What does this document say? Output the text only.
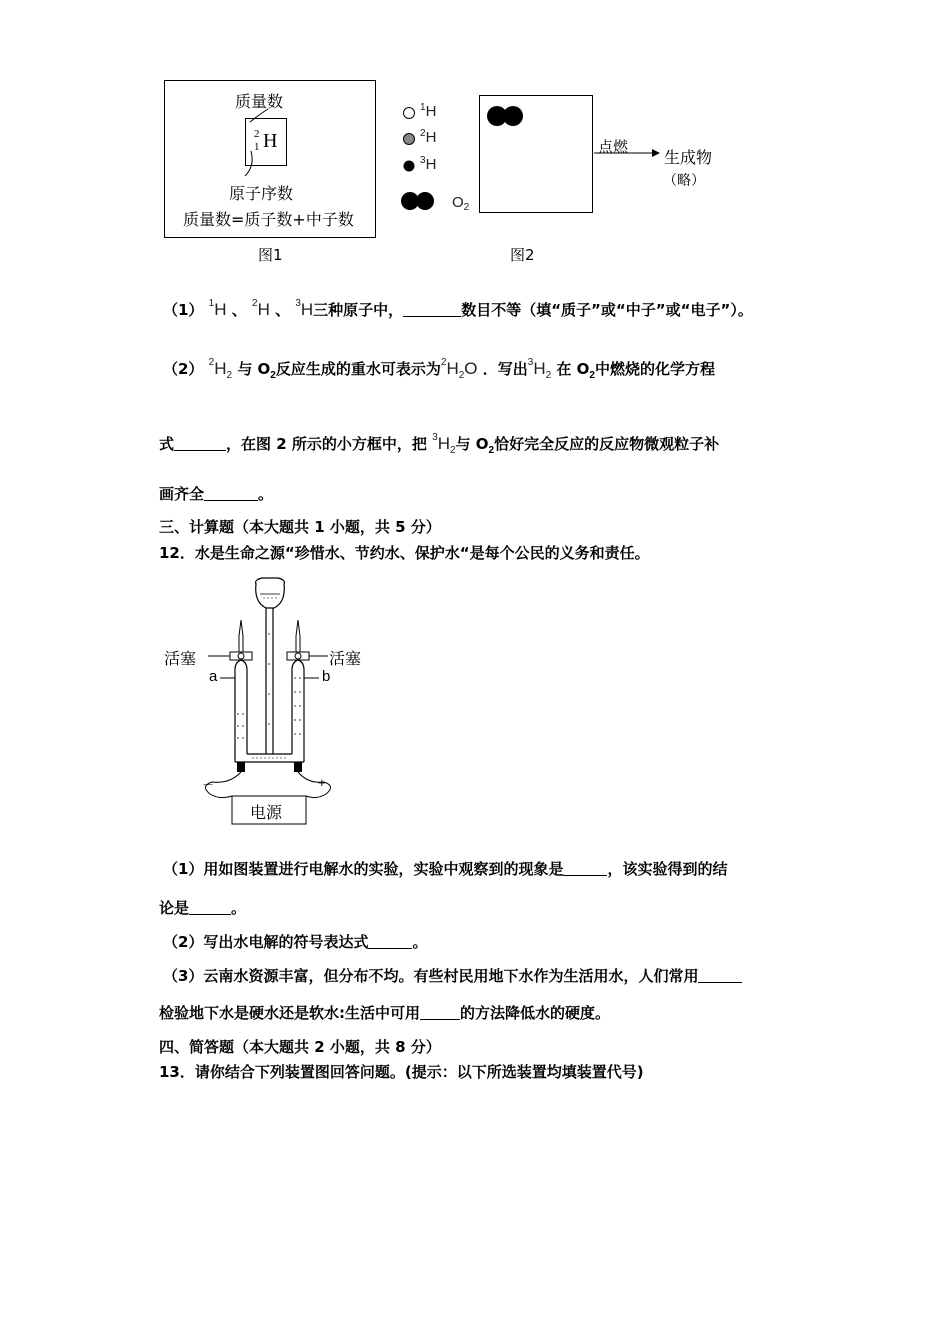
质量数
2
1 H
原子序数
质量数=质子数+中子数
图1
$^1$H
$^2$H
$^3$H
$O_2$
点燃
生成物
（略）
图2
（1） $^1$H 、 $^2$H 、 $^3$H三种原子中，	数目不等（填“质子”或“中子”或“电子”）。
（2） $^2H_2$ 与 $O_2$反应生成的重水可表示为$^2H_2O$ ．写出$^3H_2$ 在 $O_2$中燃烧的化学方程
式	，在图 2 所示的小方框中，把 $^3H_2$与 $O_2$恰好完全反应的反应物微观粒子补
画齐全	。
三、计算题（本大题共 1 小题，共 5 分）
12．水是生命之源“珍惜水、节约水、保护水“是每个公民的义务和责任。
活塞	活塞
a	b
－	+
电源
（1）用如图装置进行电解水的实验，实验中观察到的现象是	，该实验得到的结
论是	。
（2）写出水电解的符号表达式	。
（3）云南水资源丰富，但分布不均。有些村民用地下水作为生活用水，人们常用
检验地下水是硬水还是软水:生活中可用	的方法降低水的硬度。
四、简答题（本大题共 2 小题，共 8 分）
13．请你结合下列装置图回答问题。(提示：以下所选装置均填装置代号)
